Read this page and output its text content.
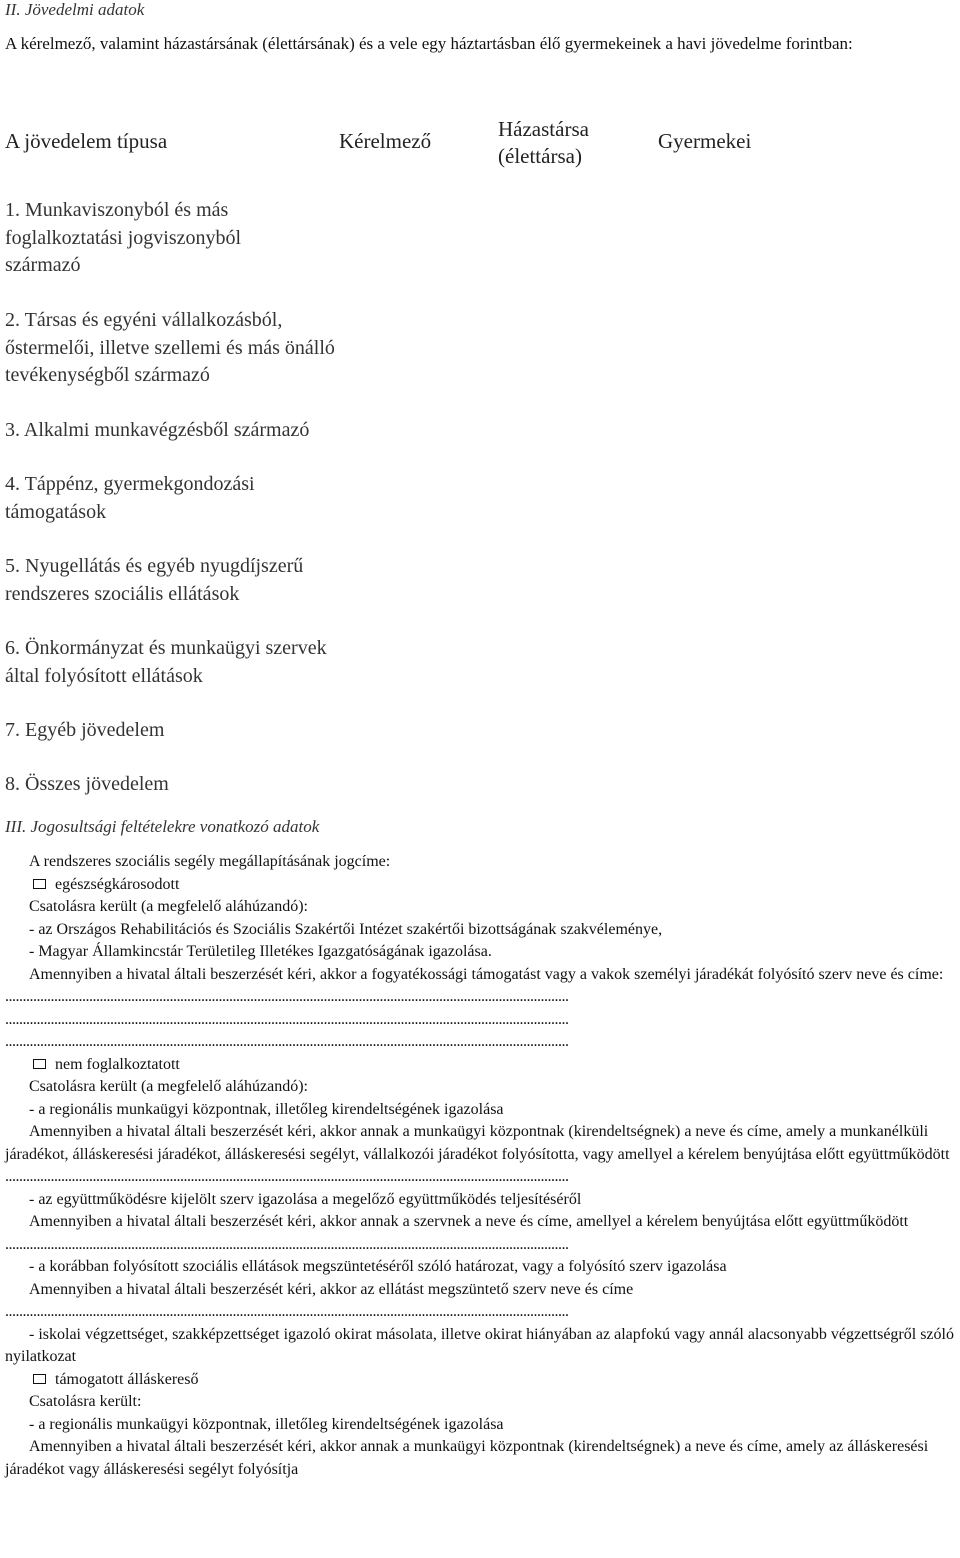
II. Jövedelmi adatok
A kérelmező, valamint házastársának (élettársának) és a vele egy háztartásban élő gyermekeinek a havi jövedelme forintban:
A jövedelem típusa	Kérelmező	Házastársa
(élettársa)
Gyermekei
1. Munkaviszonyból és más foglalkoztatási jogviszonyból származó
2. Társas és egyéni vállalkozásból, őstermelői, illetve szellemi és más önálló tevékenységből származó
3. Alkalmi munkavégzésből származó
4. Táppénz, gyermekgondozási támogatások
5. Nyugellátás és egyéb nyugdíjszerű rendszeres szociális ellátások
6. Önkormányzat és munkaügyi szervek által folyósított ellátások
7. Egyéb jövedelem
8. Összes jövedelem
III. Jogosultsági feltételekre vonatkozó adatok
A rendszeres szociális segély megállapításának jogcíme:
egészségkárosodott
Csatolásra került (a megfelelő aláhúzandó):
- az Országos Rehabilitációs és Szociális Szakértői Intézet szakértői bizottságának szakvéleménye,
- Magyar Államkincstár Területileg Illetékes Igazgatóságának igazolása.
Amennyiben a hivatal általi beszerzését kéri, akkor a fogyatékossági támogatást vagy a vakok személyi járadékát folyósító szerv neve és címe:
.................................................................................................................................................................
.................................................................................................................................................................
.................................................................................................................................................................
nem foglalkoztatott
Csatolásra került (a megfelelő aláhúzandó):
- a regionális munkaügyi központnak, illetőleg kirendeltségének igazolása
Amennyiben a hivatal általi beszerzését kéri, akkor annak a munkaügyi központnak (kirendeltségnek) a neve és címe, amely a munkanélküli járadékot, álláskeresési járadékot, álláskeresési segélyt, vállalkozói járadékot folyósította, vagy amellyel a kérelem benyújtása előtt együttműködött
.................................................................................................................................................................
- az együttműködésre kijelölt szerv igazolása a megelőző együttműködés teljesítéséről
Amennyiben a hivatal általi beszerzését kéri, akkor annak a szervnek a neve és címe, amellyel a kérelem benyújtása előtt együttműködött
.................................................................................................................................................................
- a korábban folyósított szociális ellátások megszüntetéséről szóló határozat, vagy a folyósító szerv igazolása
Amennyiben a hivatal általi beszerzését kéri, akkor az ellátást megszüntető szerv neve és címe
.................................................................................................................................................................
- iskolai végzettséget, szakképzettséget igazoló okirat másolata, illetve okirat hiányában az alapfokú vagy annál alacsonyabb végzettségről szóló nyilatkozat
támogatott álláskereső
Csatolásra került:
- a regionális munkaügyi központnak, illetőleg kirendeltségének igazolása
Amennyiben a hivatal általi beszerzését kéri, akkor annak a munkaügyi központnak (kirendeltségnek) a neve és címe, amely az álláskeresési járadékot vagy álláskeresési segélyt folyósítja
